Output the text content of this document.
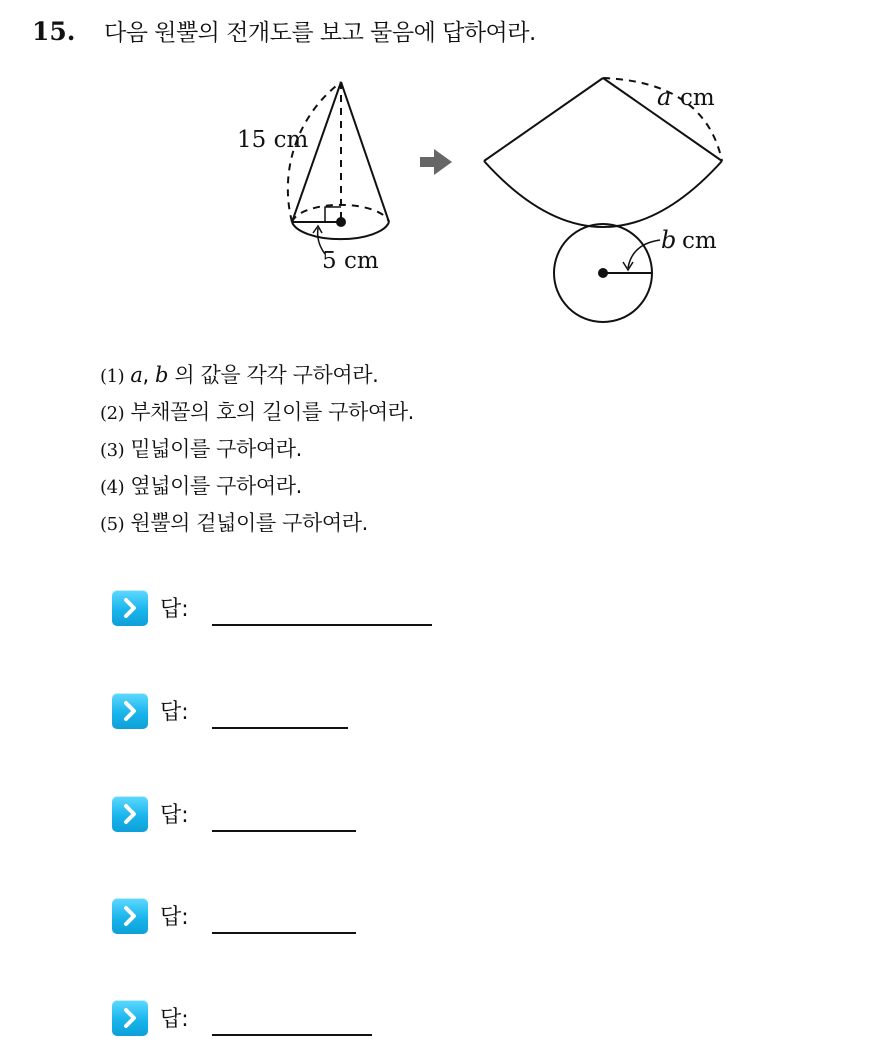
15.	다음 원뿔의 전개도를 보고 물음에 답하여라.
15 cm
5 cm
a cm
b cm
(1) a, b 의 값을 각각 구하여라.
(2) 부채꼴의 호의 길이를 구하여라.
(3) 밑넓이를 구하여라.
(4) 옆넓이를 구하여라.
(5) 원뿔의 겉넓이를 구하여라.
답:
답:
답:
답:
답:
